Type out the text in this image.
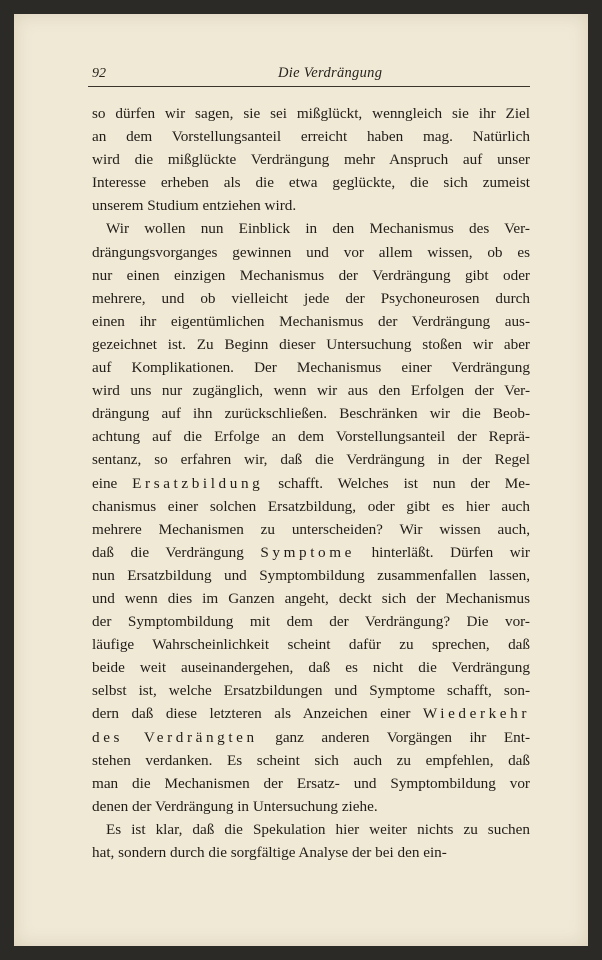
92	Die Verdrängung
so dürfen wir sagen, sie sei mißglückt, wenngleich sie ihr Ziel
an dem Vorstellungsanteil erreicht haben mag. Natürlich
wird die mißglückte Verdrängung mehr Anspruch auf unser
Interesse erheben als die etwa geglückte, die sich zumeist
unserem Studium entziehen wird.
Wir wollen nun Einblick in den Mechanismus des Ver-
drängungsvorganges gewinnen und vor allem wissen, ob es
nur einen einzigen Mechanismus der Verdrängung gibt oder
mehrere, und ob vielleicht jede der Psychoneurosen durch
einen ihr eigentümlichen Mechanismus der Verdrängung aus-
gezeichnet ist. Zu Beginn dieser Untersuchung stoßen wir aber
auf Komplikationen. Der Mechanismus einer Verdrängung
wird uns nur zugänglich, wenn wir aus den Erfolgen der Ver-
drängung auf ihn zurückschließen. Beschränken wir die Beob-
achtung auf die Erfolge an dem Vorstellungsanteil der Reprä-
sentanz, so erfahren wir, daß die Verdrängung in der Regel
eine Ersatzbildung schafft. Welches ist nun der Me-
chanismus einer solchen Ersatzbildung, oder gibt es hier auch
mehrere Mechanismen zu unterscheiden? Wir wissen auch,
daß die Verdrängung Symptome hinterläßt. Dürfen wir
nun Ersatzbildung und Symptombildung zusammenfallen lassen,
und wenn dies im Ganzen angeht, deckt sich der Mechanismus
der Symptombildung mit dem der Verdrängung? Die vor-
läufige Wahrscheinlichkeit scheint dafür zu sprechen, daß
beide weit auseinandergehen, daß es nicht die Verdrängung
selbst ist, welche Ersatzbildungen und Symptome schafft, son-
dern daß diese letzteren als Anzeichen einer Wiederkehr
des Verdrängten ganz anderen Vorgängen ihr Ent-
stehen verdanken. Es scheint sich auch zu empfehlen, daß
man die Mechanismen der Ersatz- und Symptombildung vor
denen der Verdrängung in Untersuchung ziehe.
Es ist klar, daß die Spekulation hier weiter nichts zu suchen
hat, sondern durch die sorgfältige Analyse der bei den ein-
